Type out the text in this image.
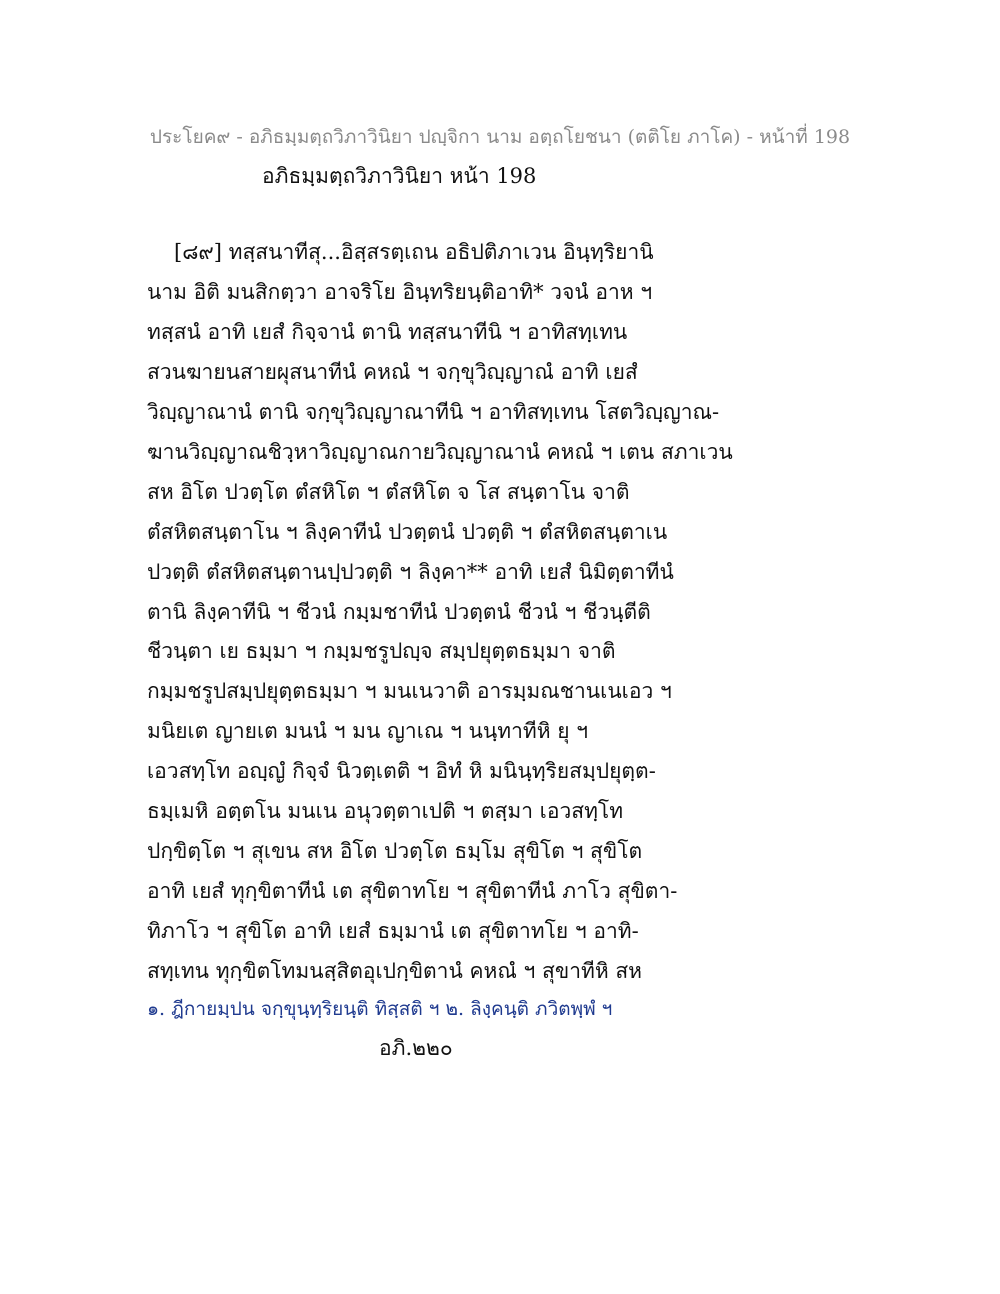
ประโยค๙ - อภิธมฺมตฺถวิภาวินิยา ปญฺจิกา นาม อตฺถโยชนา (ตติโย ภาโค) - หน้าที่ 198
อภิธมฺมตฺถวิภาวินิยา หน้า 198
[๘๙] ทสฺสนาทีสุ...อิสฺสรตฺเถน อธิปติภาเวน อินฺทฺริยานิ
นาม อิติ มนสิกตฺวา อาจริโย อินฺทริยนฺติอาทิ* วจนํ อาห ฯ
ทสฺสนํ อาทิ เยสํ กิจฺจานํ ตานิ ทสฺสนาทีนิ ฯ อาทิสทฺเทน
สวนฆายนสายผุสนาทีนํ คหณํ ฯ จกฺขุวิญฺญาณํ อาทิ เยสํ
วิญฺญาณานํ ตานิ จกฺขุวิญฺญาณาทีนิ ฯ อาทิสทฺเทน โสตวิญฺญาณ-
ฆานวิญฺญาณชิวฺหาวิญฺญาณกายวิญฺญาณานํ คหณํ ฯ เตน สภาเวน
สห อิโต ปวตฺโต ตํสหิโต ฯ ตํสหิโต จ โส สนฺตาโน จาติ
ตํสหิตสนฺตาโน ฯ ลิงฺคาทีนํ ปวตฺตนํ ปวตฺติ ฯ ตํสหิตสนฺตาเน
ปวตฺติ ตํสหิตสนฺตานปฺปวตฺติ ฯ ลิงฺคา** อาทิ เยสํ นิมิตฺตาทีนํ
ตานิ ลิงฺคาทีนิ ฯ ชีวนํ กมฺมชาทีนํ ปวตฺตนํ ชีวนํ ฯ ชีวนฺตีติ
ชีวนฺตา เย ธมฺมา ฯ กมฺมชรูปญฺจ สมฺปยุตฺตธมฺมา จาติ
กมฺมชรูปสมฺปยุตฺตธมฺมา ฯ มนเนวาติ อารมฺมณชานเนเอว ฯ
มนิยเต ญายเต มนนํ ฯ มน ญาเณ ฯ นนฺทาทีหิ ยุ ฯ
เอวสทฺโท อญฺญํ กิจฺจํ นิวตฺเตติ ฯ อิทํ หิ มนินฺทฺริยสมฺปยุตฺต-
ธมฺเมหิ อตฺตโน มนเน อนุวตฺตาเปติ ฯ ตสฺมา เอวสทฺโท
ปกฺขิตฺโต ฯ สุเขน สห อิโต ปวตฺโต ธมฺโม สุขิโต ฯ สุขิโต
อาทิ เยสํ ทุกฺขิตาทีนํ เต สุขิตาทโย ฯ สุขิตาทีนํ ภาโว สุขิตา-
ทิภาโว ฯ สุขิโต อาทิ เยสํ ธมฺมานํ เต สุขิตาทโย ฯ อาทิ-
สทฺเทน ทุกฺขิตโทมนสฺสิตอุเปกฺขิตานํ คหณํ ฯ สุขาทีหิ สห
๑. ฎีกายมฺปน จกฺขุนฺทฺริยนฺติ ทิสฺสติ ฯ ๒. ลิงฺคนฺติ ภวิตพฺพํ ฯ
อภิ.๒๒๐
